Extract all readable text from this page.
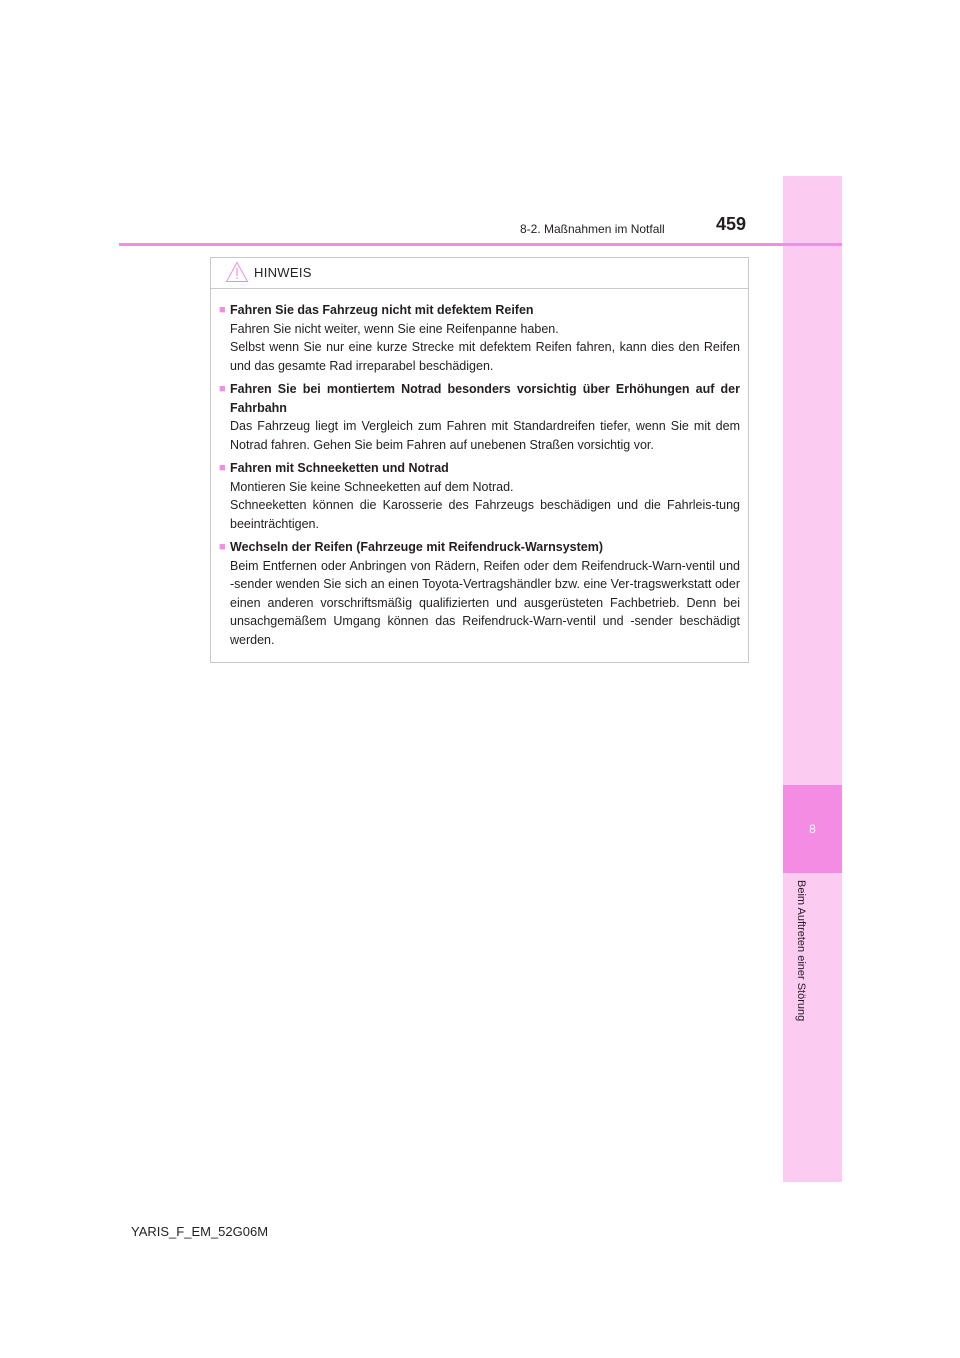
8
Beim Auftreten einer Störung
8-2. Maßnahmen im Notfall	459
HINWEIS
■ Fahren Sie das Fahrzeug nicht mit defektem Reifen

Fahren Sie nicht weiter, wenn Sie eine Reifenpanne haben.

Selbst wenn Sie nur eine kurze Strecke mit defektem Reifen fahren, kann dies den Reifen und das gesamte Rad irreparabel beschädigen.

■ Fahren Sie bei montiertem Notrad besonders vorsichtig über Erhöhungen auf der Fahrbahn

Das Fahrzeug liegt im Vergleich zum Fahren mit Standardreifen tiefer, wenn Sie mit dem Notrad fahren. Gehen Sie beim Fahren auf unebenen Straßen vorsichtig vor.

■ Fahren mit Schneeketten und Notrad

Montieren Sie keine Schneeketten auf dem Notrad.

Schneeketten können die Karosserie des Fahrzeugs beschädigen und die Fahrleis-tung beeinträchtigen.

■ Wechseln der Reifen (Fahrzeuge mit Reifendruck-Warnsystem)

Beim Entfernen oder Anbringen von Rädern, Reifen oder dem Reifendruck-Warn-ventil und -sender wenden Sie sich an einen Toyota-Vertragshändler bzw. eine Ver-tragswerkstatt oder einen anderen vorschriftsmäßig qualifizierten und ausgerüsteten Fachbetrieb. Denn bei unsachgemäßem Umgang können das Reifendruck-Warn-ventil und -sender beschädigt werden.

YARIS_F_EM_52G06M
